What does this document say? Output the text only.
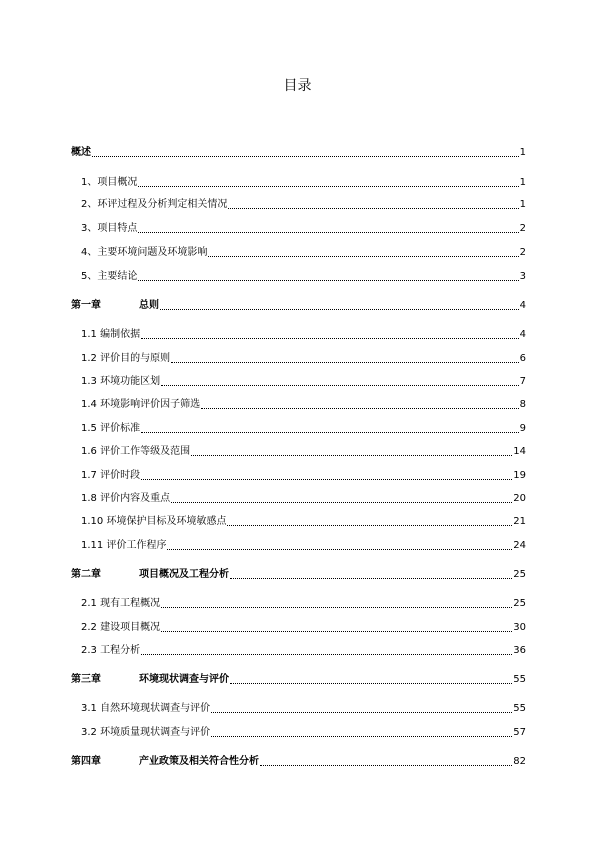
目录
概述	1
1、项目概况	1
2、环评过程及分析判定相关情况	1
3、项目特点	2
4、主要环境问题及环境影响	2
5、主要结论	3
第一章	总则	4
1.1 编制依据	4
1.2 评价目的与原则	6
1.3 环境功能区划	7
1.4 环境影响评价因子筛选	8
1.5 评价标准	9
1.6 评价工作等级及范围	14
1.7 评价时段	19
1.8 评价内容及重点	20
1.10 环境保护目标及环境敏感点	21
1.11 评价工作程序	24
第二章	项目概况及工程分析	25
2.1 现有工程概况	25
2.2 建设项目概况	30
2.3 工程分析	36
第三章	环境现状调查与评价	55
3.1 自然环境现状调查与评价	55
3.2 环境质量现状调查与评价	57
第四章	产业政策及相关符合性分析	82
